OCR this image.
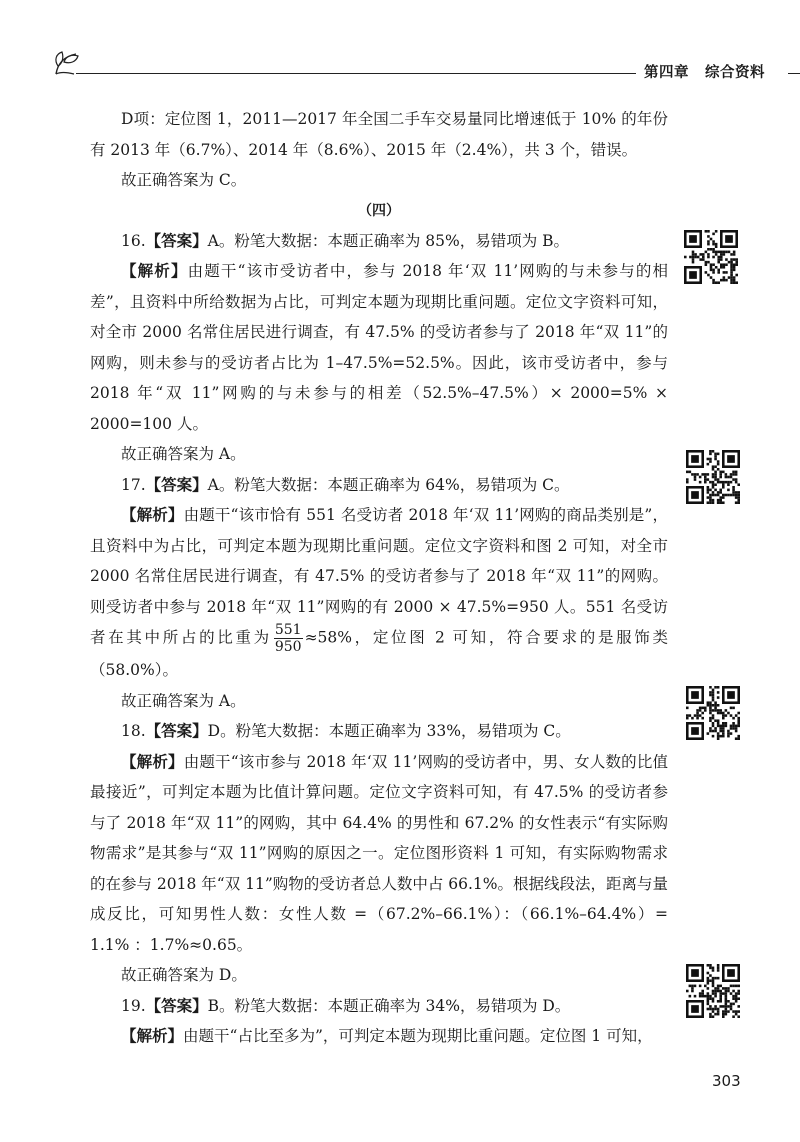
第四章 综合资料

D项：定位图 1，2011—2017 年全国二手车交易量同比增速低于 10% 的年份有 2013 年（6.7%）、2014 年（8.6%）、2015 年（2.4%），共 3 个，错误。

故正确答案为 C。

（四）

16.【答案】A。粉笔大数据：本题正确率为 85%，易错项为 B。

【解析】由题干“该市受访者中，参与 2018 年‘双 11’网购的与未参与的相差”，且资料中所给数据为占比，可判定本题为现期比重问题。定位文字资料可知，对全市 2000 名常住居民进行调查，有 47.5% 的受访者参与了 2018 年“双 11”的网购，则未参与的受访者占比为 1–47.5%=52.5%。因此，该市受访者中，参与 2018 年“双 11”网购的与未参与的相差（52.5%–47.5%）× 2000=5% × 2000=100 人。

故正确答案为 A。

17.【答案】A。粉笔大数据：本题正确率为 64%，易错项为 C。

【解析】由题干“该市恰有 551 名受访者 2018 年‘双 11’网购的商品类别是”，且资料中为占比，可判定本题为现期比重问题。定位文字资料和图 2 可知，对全市 2000 名常住居民进行调查，有 47.5% 的受访者参与了 2018 年“双 11”的网购。则受访者中参与 2018 年“双 11”网购的有 2000 × 47.5%=950 人。551 名受访者在其中所占的比重为 $\frac{551}{950} \approx 58\%$，定位图 2 可知，符合要求的是服饰类（58.0%）。

故正确答案为 A。

18.【答案】D。粉笔大数据：本题正确率为 33%，易错项为 C。

【解析】由题干“该市参与 2018 年‘双 11’网购的受访者中，男、女人数的比值最接近”，可判定本题为比值计算问题。定位文字资料可知，有 47.5% 的受访者参与了 2018 年“双 11”的网购，其中 64.4% 的男性和 67.2% 的女性表示“有实际购物需求”是其参与“双 11”网购的原因之一。定位图形资料 1 可知，有实际购物需求的在参与 2018 年“双 11”购物的受访者总人数中占 66.1%。根据线段法，距离与量成反比，可知男性人数：女性人数 =（67.2%–66.1%）：（66.1%–64.4%）= 1.1% ：1.7%≈0.65。

故正确答案为 D。

19.【答案】B。粉笔大数据：本题正确率为 34%，易错项为 D。

【解析】由题干“占比至多为”，可判定本题为现期比重问题。定位图 1 可知，

303
